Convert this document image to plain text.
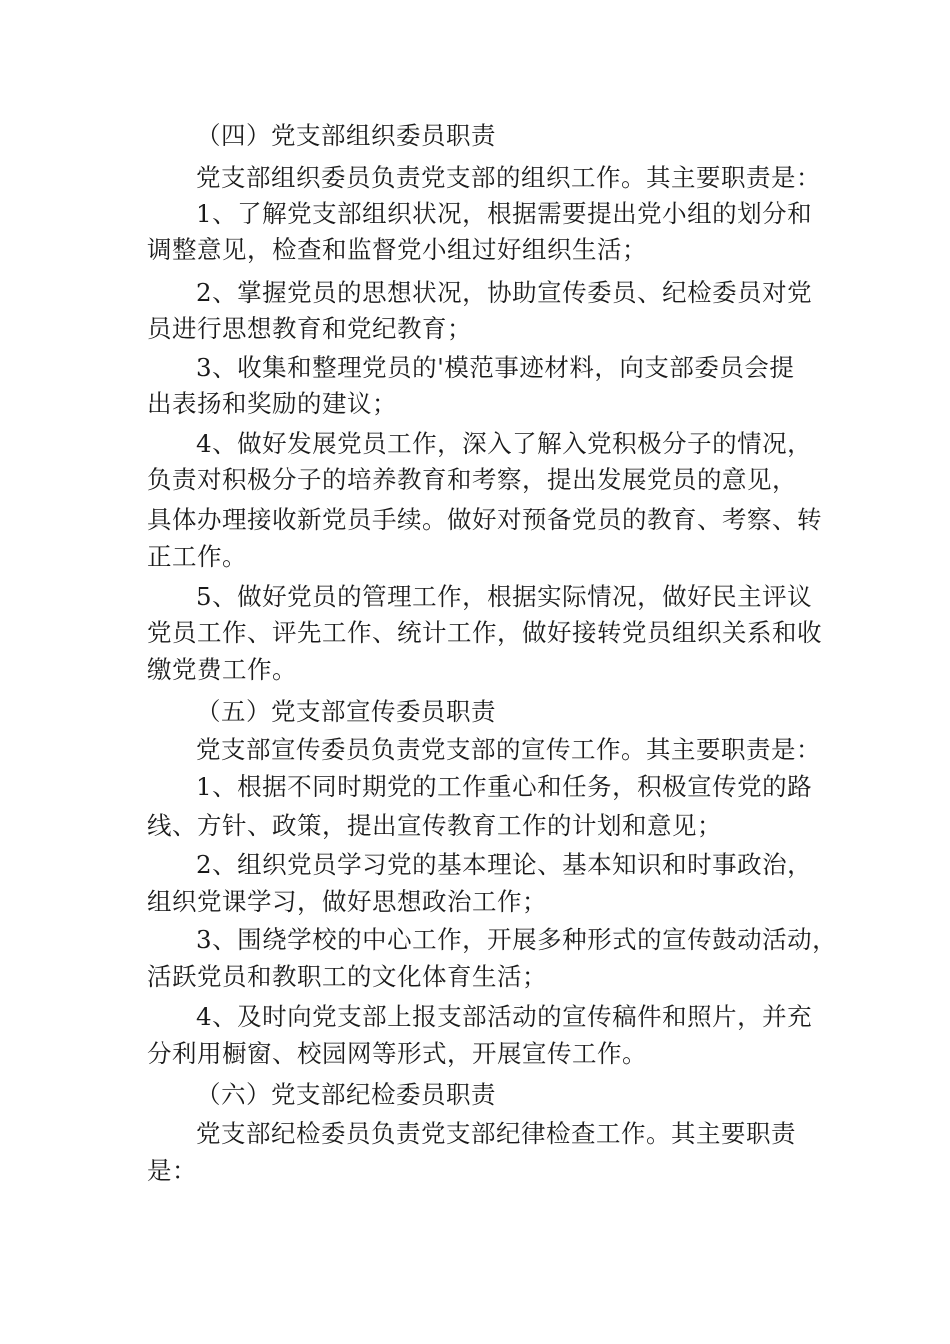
（四）党支部组织委员职责
党支部组织委员负责党支部的组织工作。其主要职责是：
1、了解党支部组织状况，根据需要提出党小组的划分和
调整意见，检查和监督党小组过好组织生活；
2、掌握党员的思想状况，协助宣传委员、纪检委员对党
员进行思想教育和党纪教育；
3、收集和整理党员的'模范事迹材料，向支部委员会提
出表扬和奖励的建议；
4、做好发展党员工作，深入了解入党积极分子的情况，
负责对积极分子的培养教育和考察，提出发展党员的意见，
具体办理接收新党员手续。做好对预备党员的教育、考察、转
正工作。
5、做好党员的管理工作，根据实际情况，做好民主评议
党员工作、评先工作、统计工作，做好接转党员组织关系和收
缴党费工作。
（五）党支部宣传委员职责
党支部宣传委员负责党支部的宣传工作。其主要职责是：
1、根据不同时期党的工作重心和任务，积极宣传党的路
线、方针、政策，提出宣传教育工作的计划和意见；
2、组织党员学习党的基本理论、基本知识和时事政治，
组织党课学习，做好思想政治工作；
3、围绕学校的中心工作，开展多种形式的宣传鼓动活动，
活跃党员和教职工的文化体育生活；
4、及时向党支部上报支部活动的宣传稿件和照片，并充
分利用橱窗、校园网等形式，开展宣传工作。
（六）党支部纪检委员职责
党支部纪检委员负责党支部纪律检查工作。其主要职责
是：
